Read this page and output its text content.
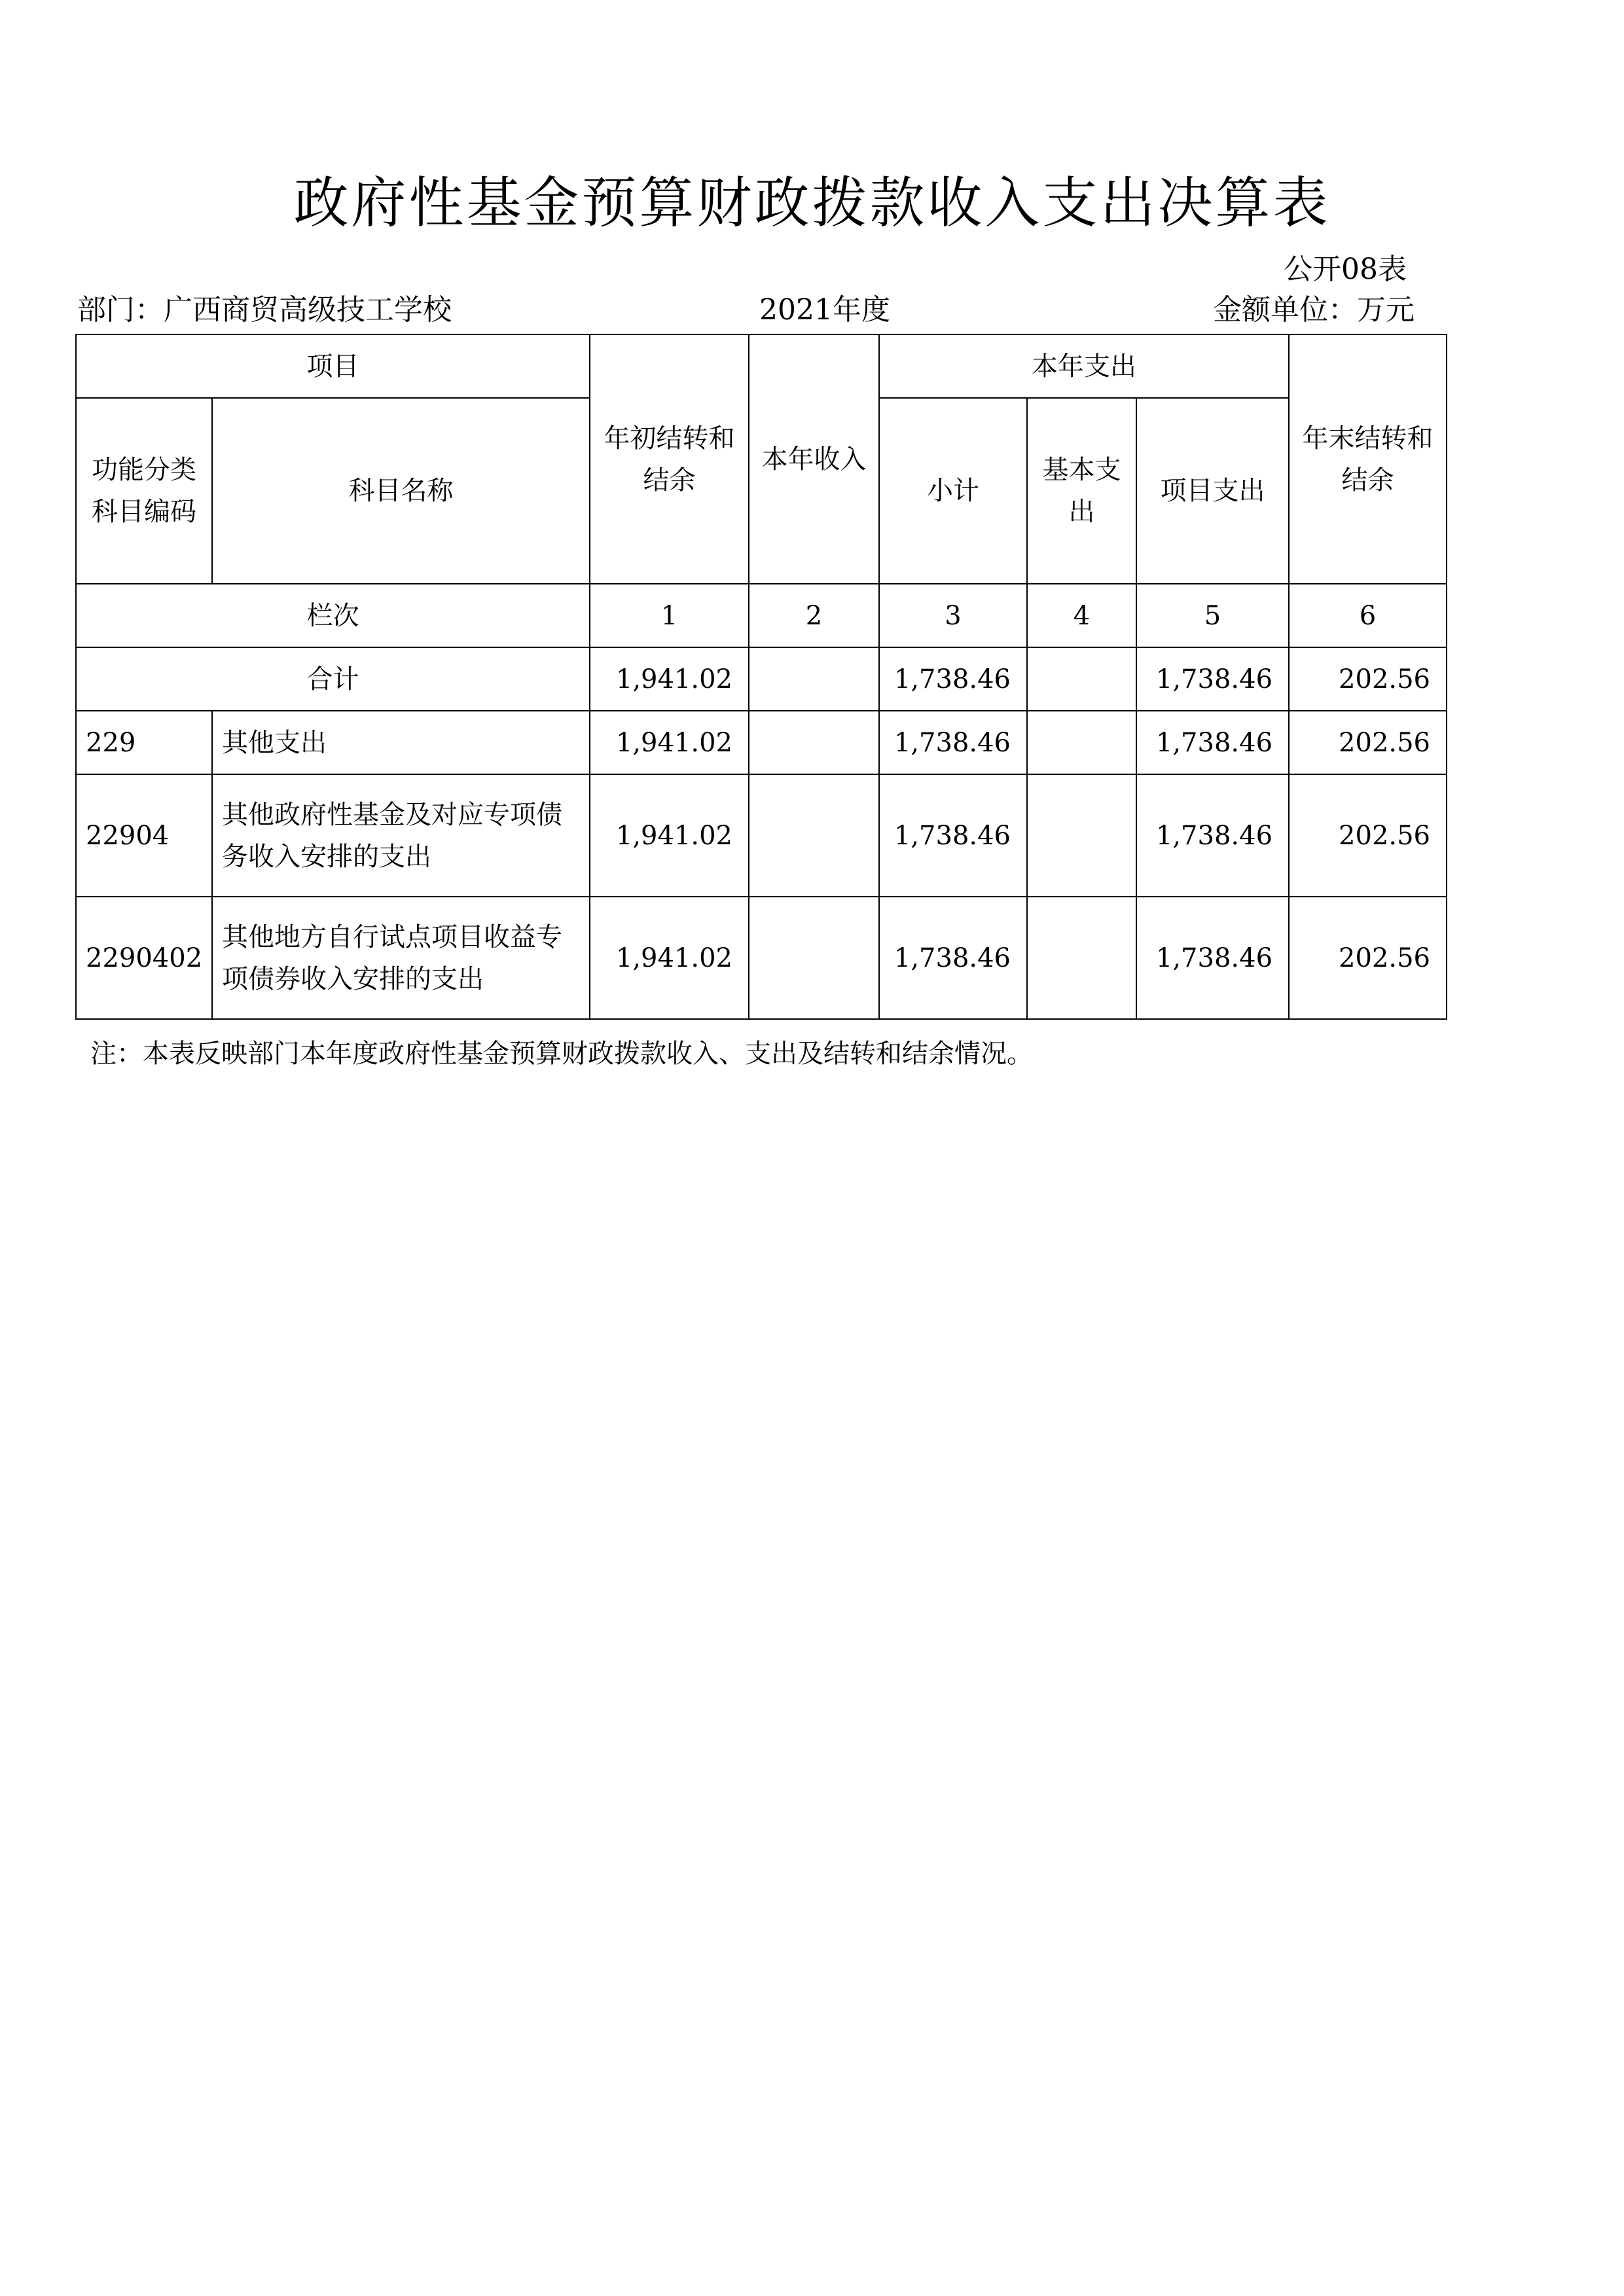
政府性基金预算财政拨款收入支出决算表
公开08表
部门：广西商贸高级技工学校	2021年度	金额单位：万元
项目		年初结转和结余	本年收入	本年支出			年末结转和结余
功能分类科目编码	科目名称			小计	基本支出	项目支出	
栏次		1	2	3	4	5	6
合计		1,941.02		1,738.46		1,738.46	202.56
229	其他支出	1,941.02		1,738.46		1,738.46	202.56
22904	其他政府性基金及对应专项债务收入安排的支出	1,941.02		1,738.46		1,738.46	202.56
2290402	其他地方自行试点项目收益专项债券收入安排的支出	1,941.02		1,738.46		1,738.46	202.56
注：本表反映部门本年度政府性基金预算财政拨款收入、支出及结转和结余情况。
